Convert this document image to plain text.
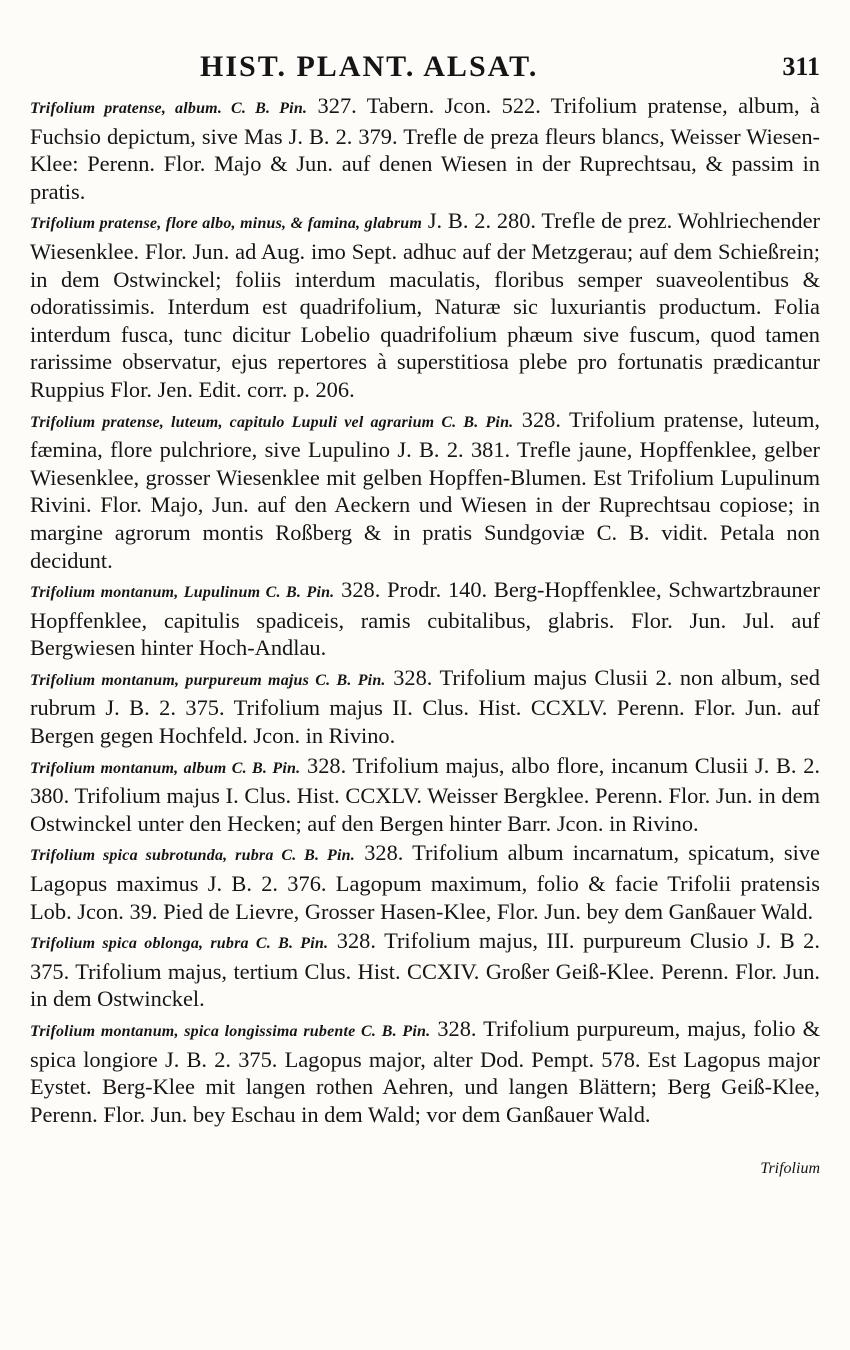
HIST. PLANT. ALSAT.	311

Trifolium pratense, album. C. B. Pin. 327. Tabern. Jcon. 522. Trifolium pratense, album, à Fuchsio depictum, sive Mas J. B. 2. 379. Trefle de preza fleurs blancs, Weisser Wiesen-Klee: Perenn. Flor. Majo & Jun. auf denen Wiesen in der Ruprechtsau, & passim in pratis.

Trifolium pratense, flore albo, minus, & famina, glabrum J. B. 2. 280. Trefle de prez. Wohlriechender Wiesenklee. Flor. Jun. ad Aug. imo Sept. adhuc auf der Metzgerau; auf dem Schießrein; in dem Ostwinckel; foliis interdum maculatis, floribus semper suaveolentibus & odoratissimis. Interdum est quadrifolium, Naturæ sic luxuriantis productum. Folia interdum fusca, tunc dicitur Lobelio quadrifolium phæum sive fuscum, quod tamen rarissime observatur, ejus repertores à superstitiosa plebe pro fortunatis prædicantur Ruppius Flor. Jen. Edit. corr. p. 206.

Trifolium pratense, luteum, capitulo Lupuli vel agrarium C. B. Pin. 328. Trifolium pratense, luteum, fæmina, flore pulchriore, sive Lupulino J. B. 2. 381. Trefle jaune, Hopffenklee, gelber Wiesenklee, grosser Wiesenklee mit gelben Hopffen-Blumen. Est Trifolium Lupulinum Rivini. Flor. Majo, Jun. auf den Aeckern und Wiesen in der Ruprechtsau copiose; in margine agrorum montis Roßberg & in pratis Sundgoviæ C. B. vidit. Petala non decidunt.

Trifolium montanum, Lupulinum C. B. Pin. 328. Prodr. 140. Berg-Hopffenklee, Schwartzbrauner Hopffenklee, capitulis spadiceis, ramis cubitalibus, glabris. Flor. Jun. Jul. auf Bergwiesen hinter Hoch-Andlau.

Trifolium montanum, purpureum majus C. B. Pin. 328. Trifolium majus Clusii 2. non album, sed rubrum J. B. 2. 375. Trifolium majus II. Clus. Hist. CCXLV. Perenn. Flor. Jun. auf Bergen gegen Hochfeld. Jcon. in Rivino.

Trifolium montanum, album C. B. Pin. 328. Trifolium majus, albo flore, incanum Clusii J. B. 2. 380. Trifolium majus I. Clus. Hist. CCXLV. Weisser Bergklee. Perenn. Flor. Jun. in dem Ostwinckel unter den Hecken; auf den Bergen hinter Barr. Jcon. in Rivino.

Trifolium spica subrotunda, rubra C. B. Pin. 328. Trifolium album incarnatum, spicatum, sive Lagopus maximus J. B. 2. 376. Lagopum maximum, folio & facie Trifolii pratensis Lob. Jcon. 39. Pied de Lievre, Grosser Hasen-Klee, Flor. Jun. bey dem Ganßauer Wald.

Trifolium spica oblonga, rubra C. B. Pin. 328. Trifolium majus, III. purpureum Clusio J. B 2. 375. Trifolium majus, tertium Clus. Hist. CCXIV. Großer Geiß-Klee. Perenn. Flor. Jun. in dem Ostwinckel.

Trifolium montanum, spica longissima rubente C. B. Pin. 328. Trifolium purpureum, majus, folio & spica longiore J. B. 2. 375. Lagopus major, alter Dod. Pempt. 578. Est Lagopus major Eystet. Berg-Klee mit langen rothen Aehren, und langen Blättern; Berg Geiß-Klee, Perenn. Flor. Jun. bey Eschau in dem Wald; vor dem Ganßauer Wald.

Trifolium
